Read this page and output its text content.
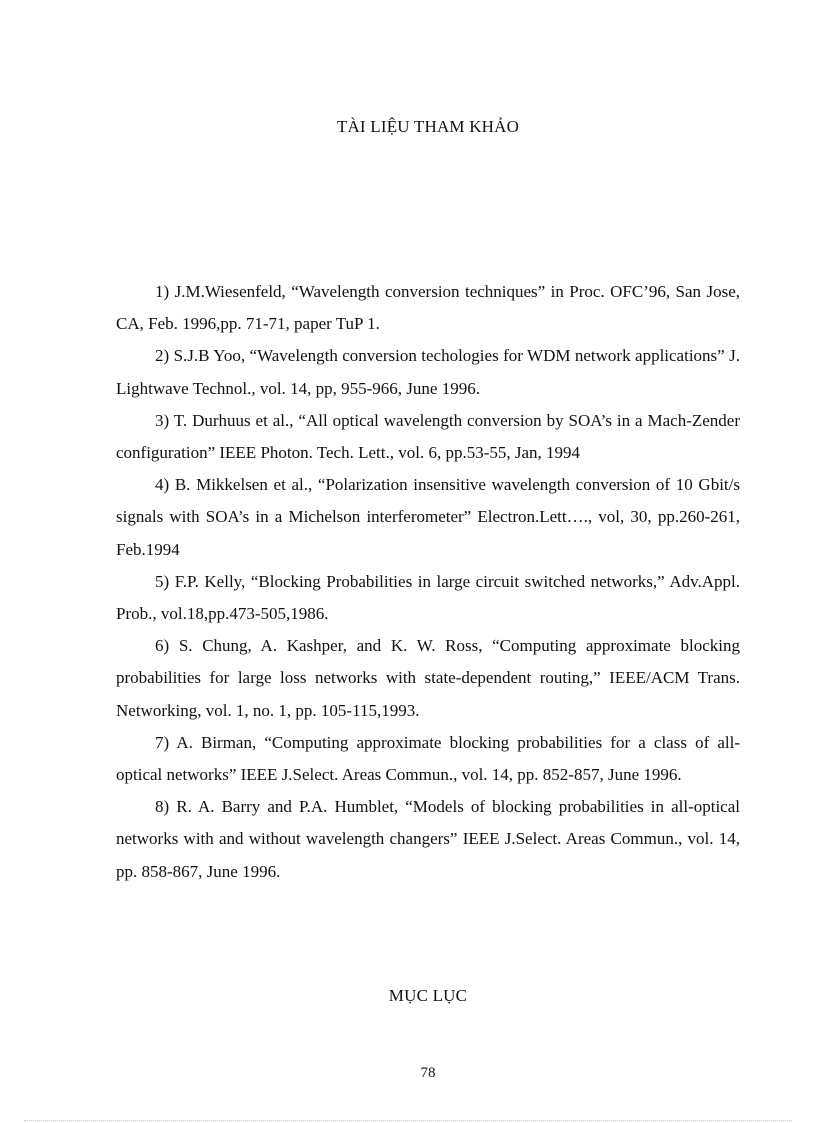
TÀI LIỆU THAM KHẢO

1) J.M.Wiesenfeld, “Wavelength conversion techniques” in Proc. OFC’96, San Jose, CA, Feb. 1996,pp. 71-71, paper TuP 1.

2) S.J.B Yoo, “Wavelength conversion techologies for WDM network applications” J. Lightwave Technol., vol. 14, pp, 955-966, June 1996.

3) T. Durhuus et al., “All optical wavelength conversion by SOA’s in a Mach-Zender configuration” IEEE Photon. Tech. Lett., vol. 6, pp.53-55, Jan, 1994

4) B. Mikkelsen et al., “Polarization insensitive wavelength conversion of 10 Gbit/s signals with SOA’s in a Michelson interferometer” Electron.Lett…., vol, 30, pp.260-261, Feb.1994

5) F.P. Kelly, “Blocking Probabilities in large circuit switched networks,” Adv.Appl. Prob., vol.18,pp.473-505,1986.

6) S. Chung, A. Kashper, and K. W. Ross, “Computing approximate blocking probabilities for large loss networks with state-dependent routing,” IEEE/ACM Trans. Networking, vol. 1, no. 1, pp. 105-115,1993.

7) A. Birman, “Computing approximate blocking probabilities for a class of all-optical networks” IEEE J.Select. Areas Commun., vol. 14, pp. 852-857, June 1996.

8) R. A. Barry and P.A. Humblet, “Models of blocking probabilities in all-optical networks with and without wavelength changers” IEEE J.Select. Areas Commun., vol. 14, pp. 858-867, June 1996.

MỤC LỤC
78
